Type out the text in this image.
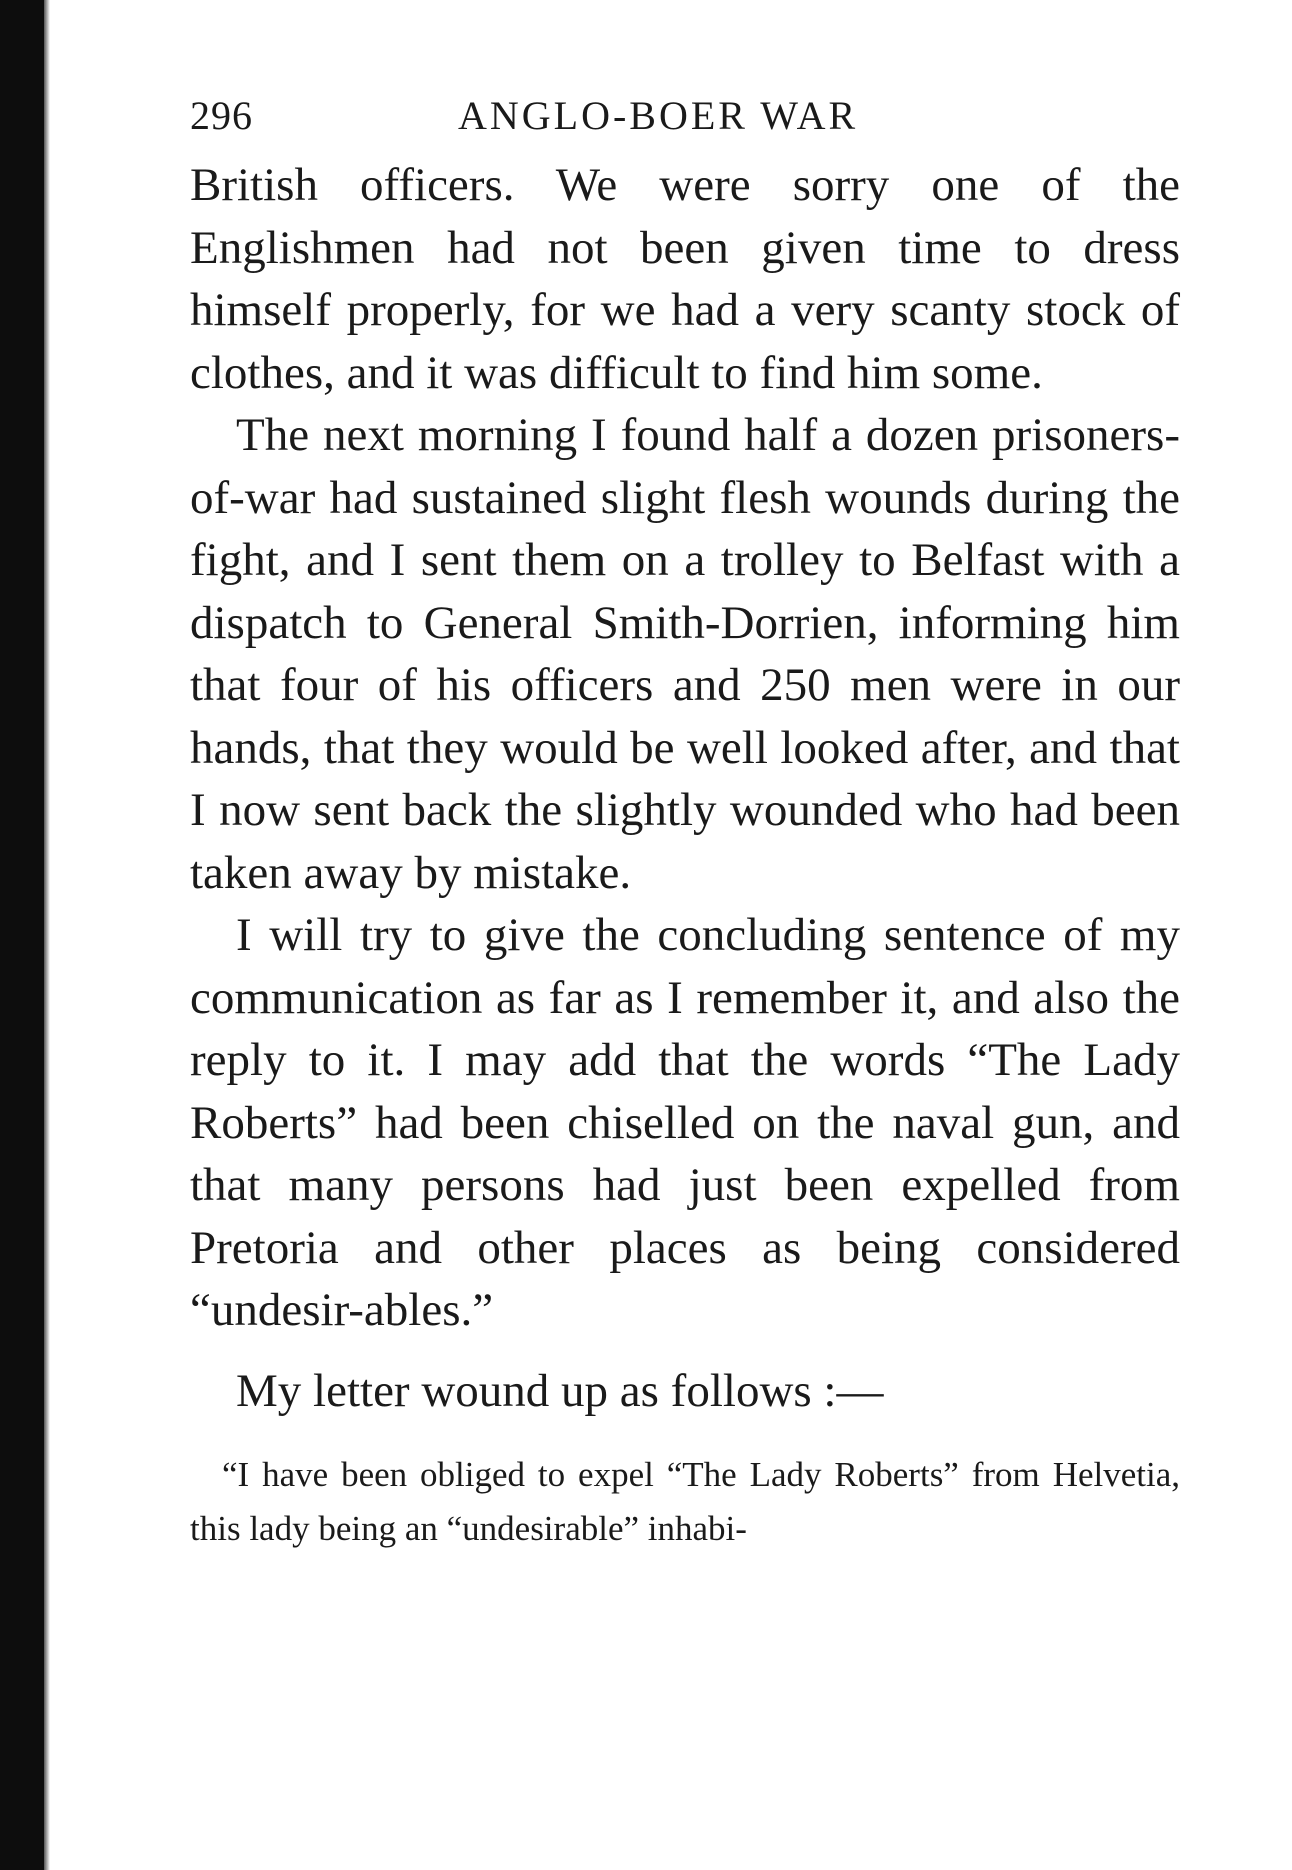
296	ANGLO-BOER WAR

British officers. We were sorry one of the Englishmen had not been given time to dress himself properly, for we had a very scanty stock of clothes, and it was difficult to find him some.

The next morning I found half a dozen prisoners-of-war had sustained slight flesh wounds during the fight, and I sent them on a trolley to Belfast with a dispatch to General Smith-Dorrien, informing him that four of his officers and 250 men were in our hands, that they would be well looked after, and that I now sent back the slightly wounded who had been taken away by mistake.

I will try to give the concluding sentence of my communication as far as I remember it, and also the reply to it. I may add that the words “The Lady Roberts” had been chiselled on the naval gun, and that many persons had just been expelled from Pretoria and other places as being considered “undesir-ables.”

My letter wound up as follows :—

“I have been obliged to expel “The Lady Roberts” from Helvetia, this lady being an “undesirable” inhabi-
